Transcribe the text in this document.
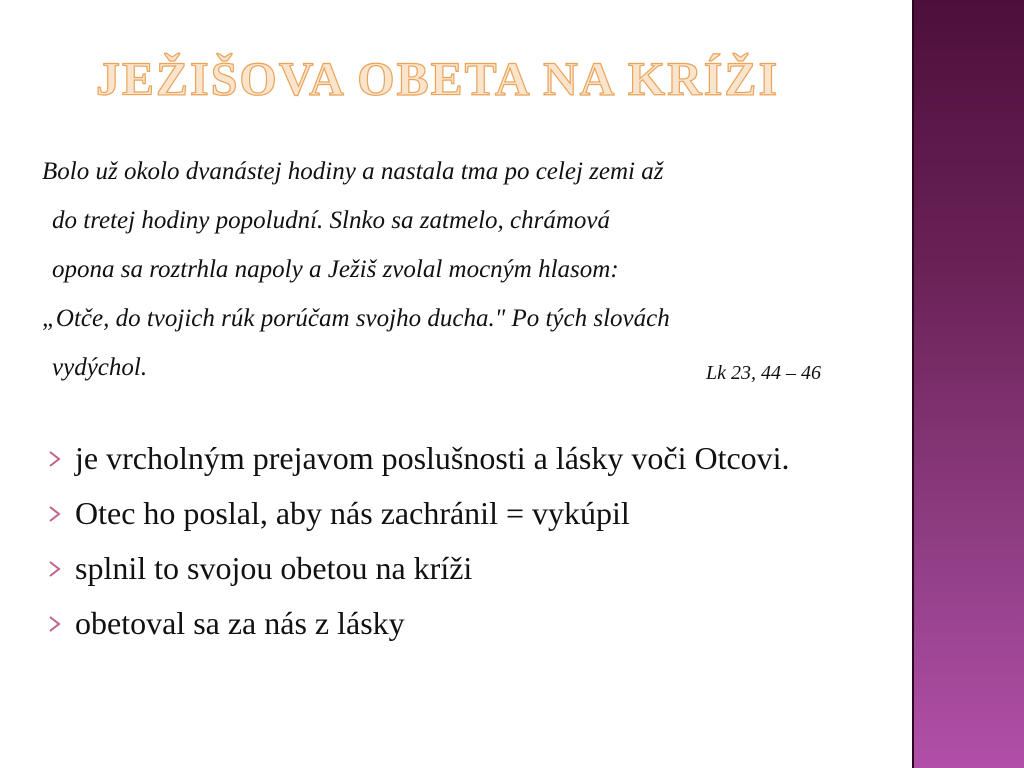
JEŽIŠOVA OBETA NA KRÍŽI
Bolo už okolo dvanástej hodiny a nastala tma po celej zemi až
do tretej hodiny popoludní. Slnko sa zatmelo, chrámová
opona sa roztrhla napoly a Ježiš zvolal mocným hlasom:
„Otče, do tvojich rúk porúčam svojho ducha." Po tých slovách
vydýchol.	Lk 23, 44 – 46
je vrcholným prejavom poslušnosti a lásky voči Otcovi.
Otec ho poslal, aby nás zachránil = vykúpil
splnil to svojou obetou na kríži
obetoval sa za nás z lásky
